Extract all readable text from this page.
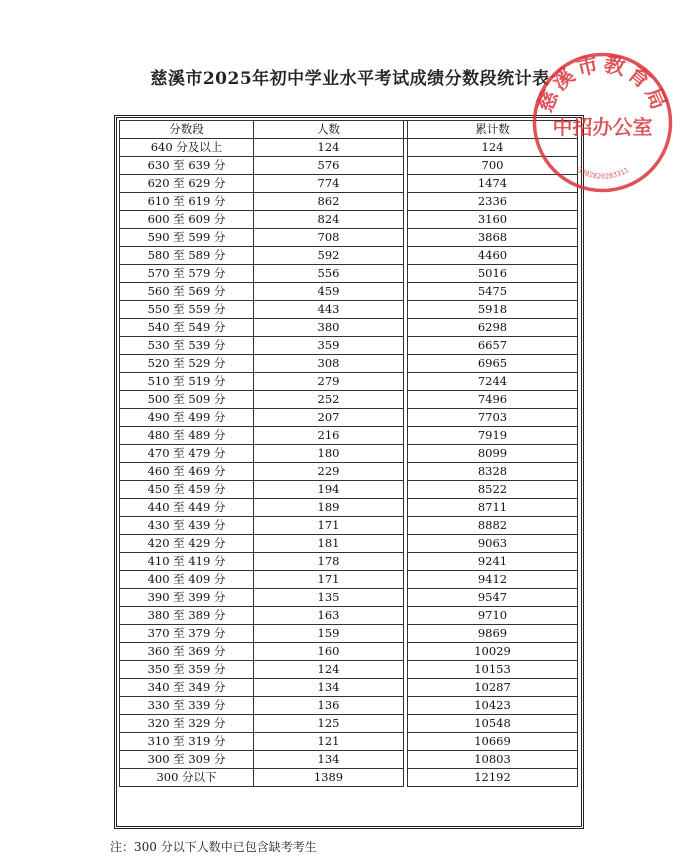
慈溪市2025年初中学业水平考试成绩分数段统计表
分数段	人数		累计数
640 分及以上	124		124
630 至 639 分	576		700
620 至 629 分	774		1474
610 至 619 分	862		2336
600 至 609 分	824		3160
590 至 599 分	708		3868
580 至 589 分	592		4460
570 至 579 分	556		5016
560 至 569 分	459		5475
550 至 559 分	443		5918
540 至 549 分	380		6298
530 至 539 分	359		6657
520 至 529 分	308		6965
510 至 519 分	279		7244
500 至 509 分	252		7496
490 至 499 分	207		7703
480 至 489 分	216		7919
470 至 479 分	180		8099
460 至 469 分	229		8328
450 至 459 分	194		8522
440 至 449 分	189		8711
430 至 439 分	171		8882
420 至 429 分	181		9063
410 至 419 分	178		9241
400 至 409 分	171		9412
390 至 399 分	135		9547
380 至 389 分	163		9710
370 至 379 分	159		9869
360 至 369 分	160		10029
350 至 359 分	124		10153
340 至 349 分	134		10287
330 至 339 分	136		10423
320 至 329 分	125		10548
310 至 319 分	121		10669
300 至 309 分	134		10803
300 分以下	1389		12192
注：300 分以下人数中已包含缺考考生
慈溪市教育局
中招办公室
3302820283311
